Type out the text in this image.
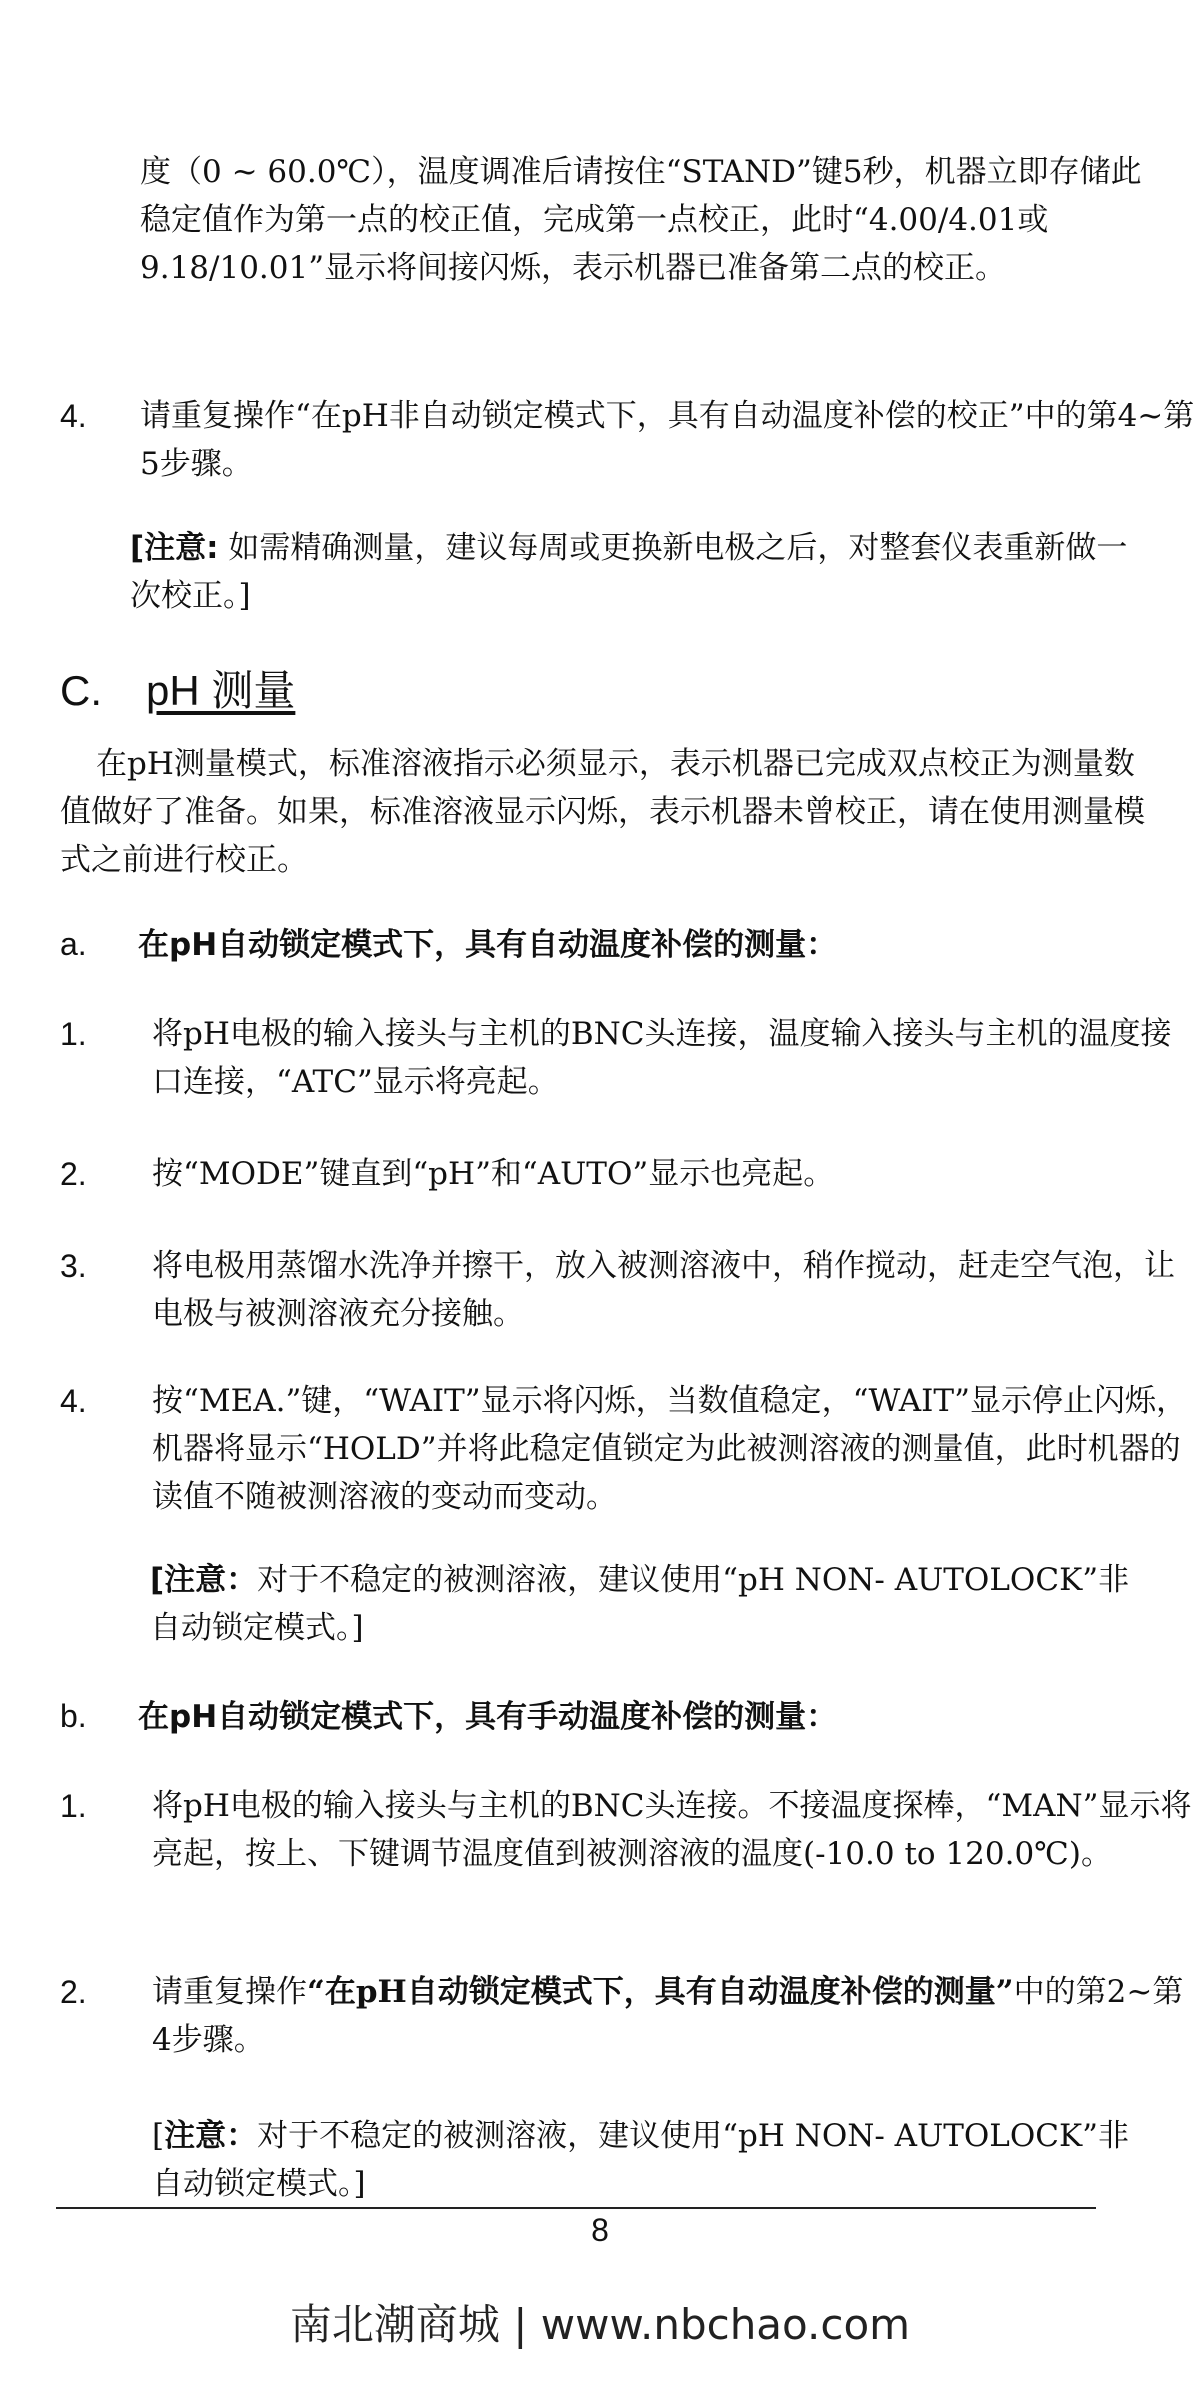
度（0 ~ 60.0℃），温度调准后请按住“STAND”键5秒，机器立即存储此稳定值作为第一点的校正值，完成第一点校正，此时“4.00/4.01或9.18/10.01”显示将间接闪烁，表示机器已准备第二点的校正。

4. 请重复操作“在pH非自动锁定模式下，具有自动温度补偿的校正”中的第4~第5步骤。

[注意: 如需精确测量，建议每周或更换新电极之后，对整套仪表重新做一次校正。]

C. pH 测量

在pH测量模式，标准溶液指示必须显示，表示机器已完成双点校正为测量数值做好了准备。如果，标准溶液显示闪烁，表示机器未曾校正，请在使用测量模式之前进行校正。

a. 在pH自动锁定模式下，具有自动温度补偿的测量：
1. 将pH电极的输入接头与主机的BNC头连接，温度输入接头与主机的温度接口连接，“ATC”显示将亮起。
2. 按“MODE”键直到“pH”和“AUTO”显示也亮起。
3. 将电极用蒸馏水洗净并擦干，放入被测溶液中，稍作搅动，赶走空气泡，让电极与被测溶液充分接触。
4. 按“MEA.”键，“WAIT”显示将闪烁，当数值稳定，“WAIT”显示停止闪烁，机器将显示“HOLD”并将此稳定值锁定为此被测溶液的测量值，此时机器的读值不随被测溶液的变动而变动。

[注意：对于不稳定的被测溶液，建议使用“pH NON- AUTOLOCK”非自动锁定模式。]

b. 在pH自动锁定模式下，具有手动温度补偿的测量：
1. 将pH电极的输入接头与主机的BNC头连接。不接温度探棒，“MAN”显示将亮起，按上、下键调节温度值到被测溶液的温度(-10.0 to 120.0℃)。
2. 请重复操作“在pH自动锁定模式下，具有自动温度补偿的测量”中的第2~第4步骤。

[注意：对于不稳定的被测溶液，建议使用“pH NON- AUTOLOCK”非自动锁定模式。]

8
南北潮商城 | www.nbchao.com
